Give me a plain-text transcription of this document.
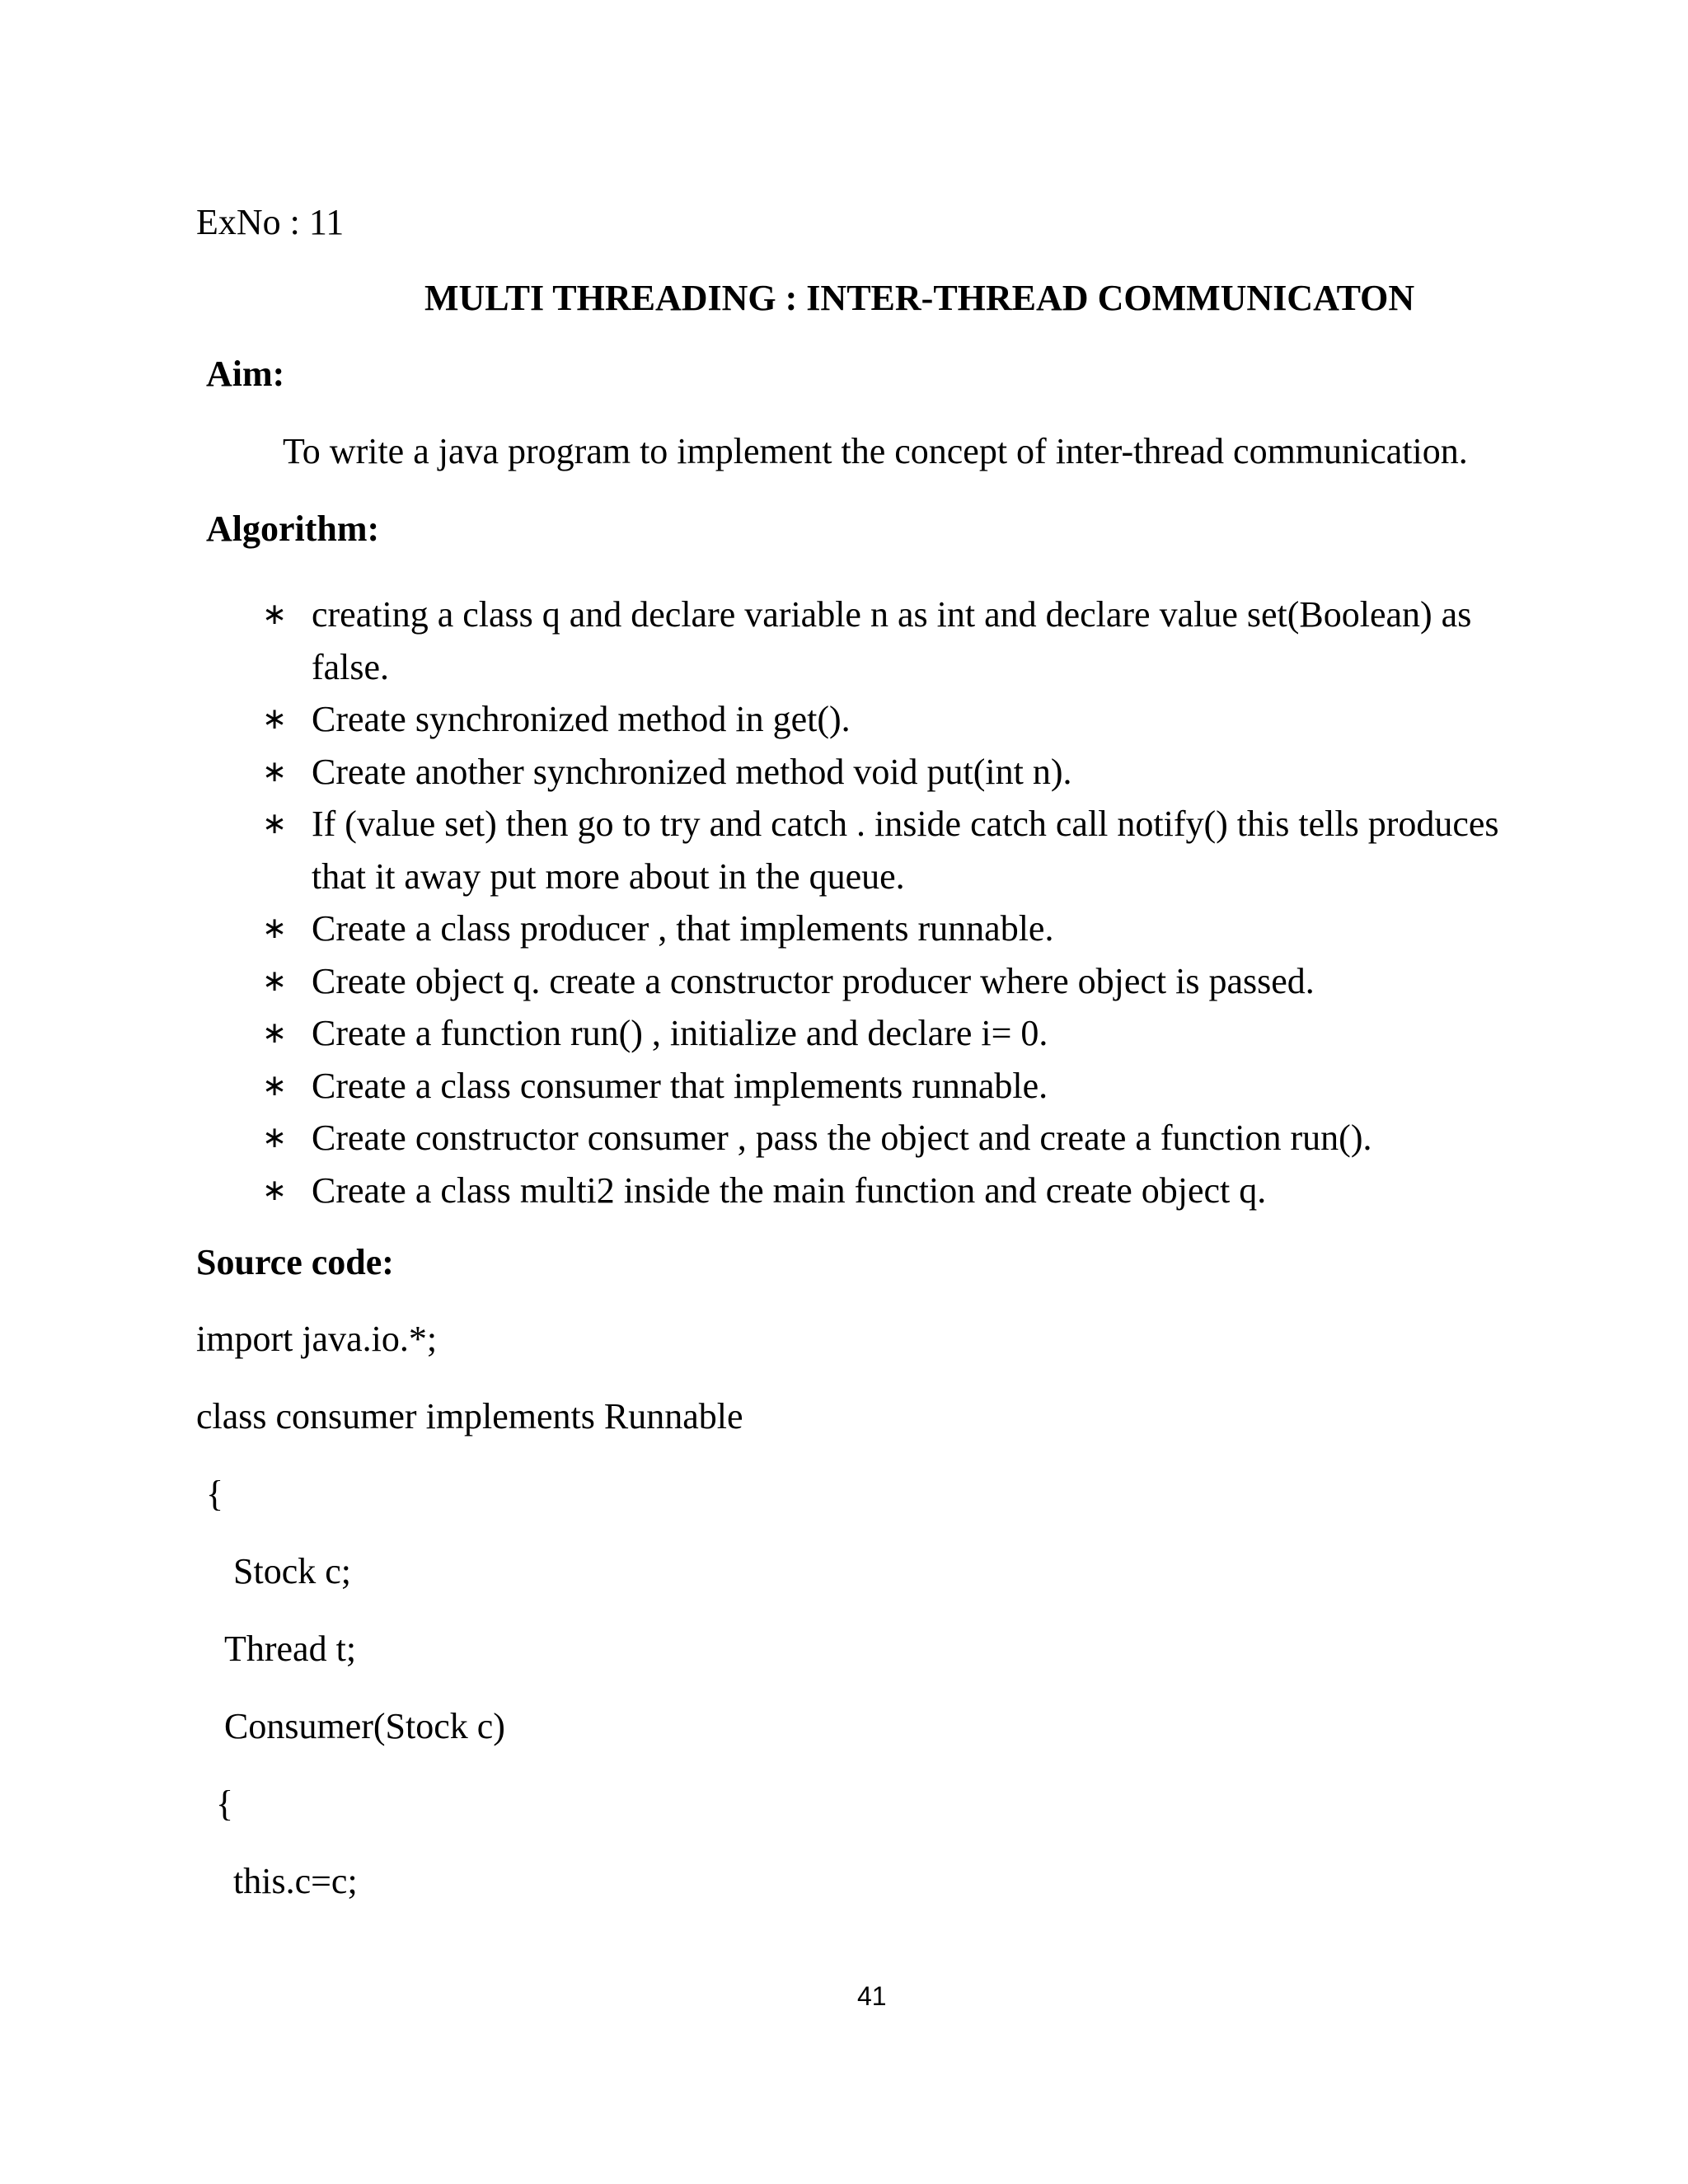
ExNo : 11
MULTI THREADING : INTER-THREAD COMMUNICATON
Aim:
To write a java program to implement the concept of inter-thread communication.
Algorithm:
∗ creating a class q and declare variable n as int and declare value set(Boolean) as false.
∗ Create synchronized method in get().
∗ Create another synchronized method void put(int n).
∗ If (value set) then go to try and catch . inside catch call notify() this tells produces that it away put more about in the queue.
∗ Create a class producer , that implements runnable.
∗ Create object q. create a constructor producer where object is passed.
∗ Create a function run() , initialize and declare i= 0.
∗ Create a class consumer that implements runnable.
∗ Create constructor consumer , pass the object and create a function run().
∗ Create a class multi2 inside the main function and create object q.
Source code:
import java.io.*;
class consumer implements Runnable
{
Stock c;
Thread t;
Consumer(Stock c)
{
this.c=c;
41
